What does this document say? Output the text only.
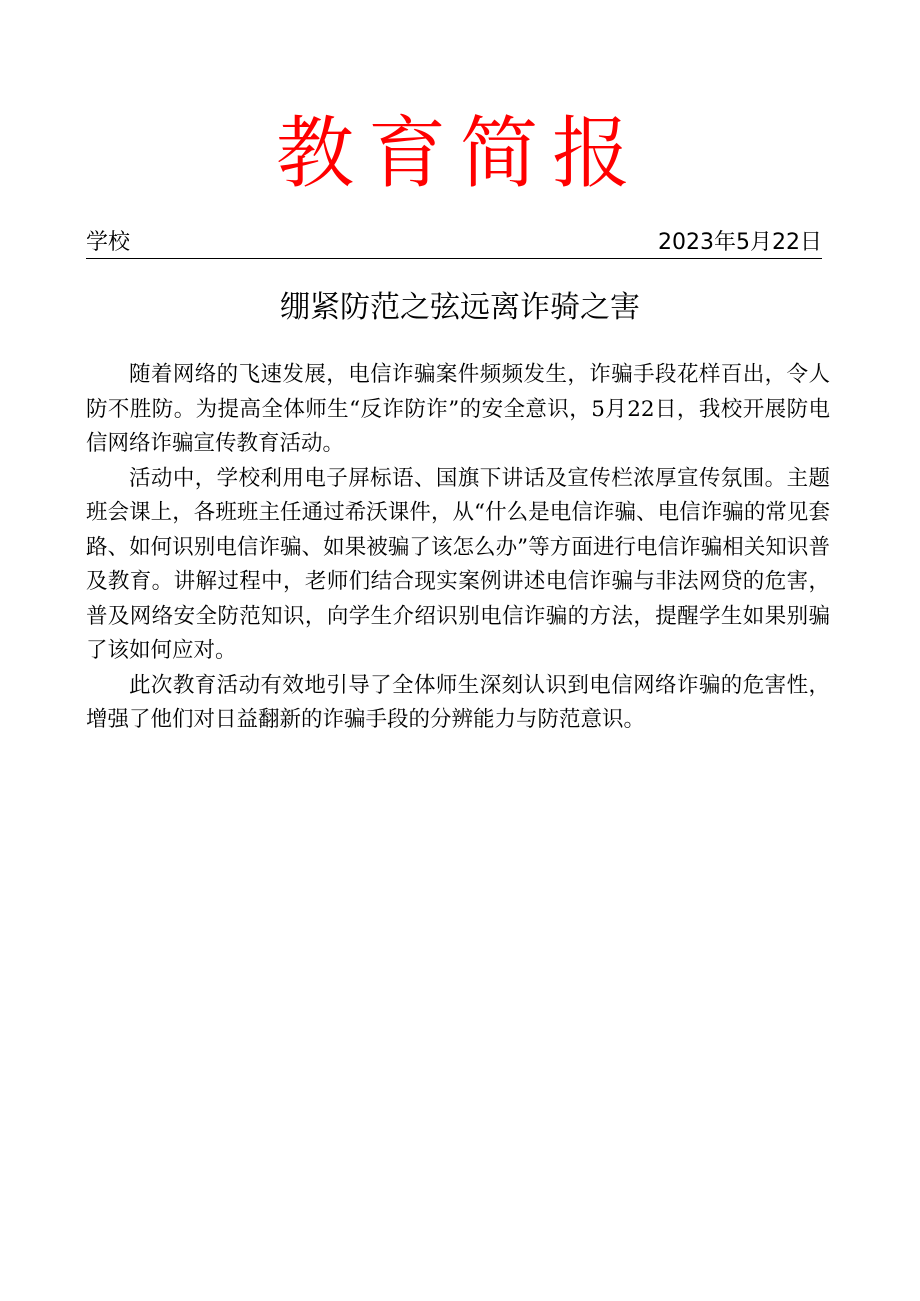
教育简报
学校	2023年5月22日
绷紧防范之弦远离诈骑之害

随着网络的飞速发展，电信诈骗案件频频发生，诈骗手段花样百出，令人防不胜防。为提高全体师生“反诈防诈”的安全意识，5月22日，我校开展防电信网络诈骗宣传教育活动。

活动中，学校利用电子屏标语、国旗下讲话及宣传栏浓厚宣传氛围。主题班会课上，各班班主任通过希沃课件，从“什么是电信诈骗、电信诈骗的常见套路、如何识别电信诈骗、如果被骗了该怎么办”等方面进行电信诈骗相关知识普及教育。讲解过程中，老师们结合现实案例讲述电信诈骗与非法网贷的危害，普及网络安全防范知识，向学生介绍识别电信诈骗的方法，提醒学生如果别骗了该如何应对。

此次教育活动有效地引导了全体师生深刻认识到电信网络诈骗的危害性，增强了他们对日益翻新的诈骗手段的分辨能力与防范意识。
